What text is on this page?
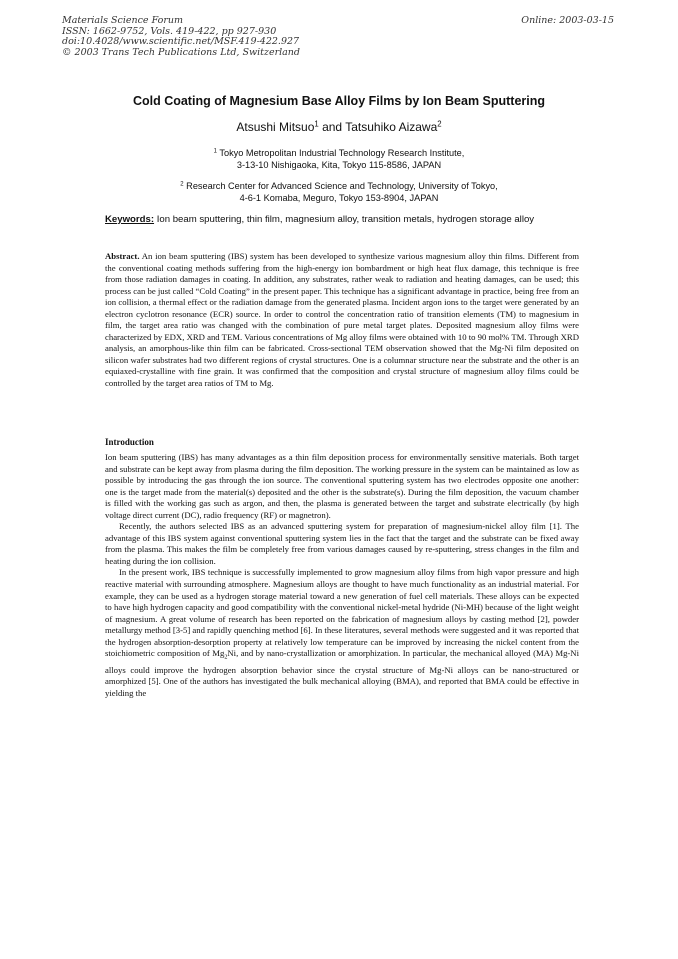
Materials Science Forum
ISSN: 1662-9752, Vols. 419-422, pp 927-930
doi:10.4028/www.scientific.net/MSF.419-422.927
© 2003 Trans Tech Publications Ltd, Switzerland
Online: 2003-03-15
Cold Coating of Magnesium Base Alloy Films by Ion Beam Sputtering
Atsushi Mitsuo$^1$ and Tatsuhiko Aizawa$^2$
$^1$ Tokyo Metropolitan Industrial Technology Research Institute,
3-13-10 Nishigaoka, Kita, Tokyo 115-8586, JAPAN
$^2$ Research Center for Advanced Science and Technology, University of Tokyo,
4-6-1 Komaba, Meguro, Tokyo 153-8904, JAPAN
Keywords: Ion beam sputtering, thin film, magnesium alloy, transition metals, hydrogen storage alloy
Abstract. An ion beam sputtering (IBS) system has been developed to synthesize various magnesium alloy thin films. Different from the conventional coating methods suffering from the high-energy ion bombardment or high heat flux damage, this technique is free from those radiation damages in coating. In addition, any substrates, rather weak to radiation and heating damages, can be used; this process can be just called “Cold Coating” in the present paper. This technique has a significant advantage in practice, being free from an ion collision, a thermal effect or the radiation damage from the generated plasma. Incident argon ions to the target were generated by an electron cyclotron resonance (ECR) source. In order to control the concentration ratio of transition elements (TM) to magnesium in film, the target area ratio was changed with the combination of pure metal target plates. Deposited magnesium alloy films were characterized by EDX, XRD and TEM. Various concentrations of Mg alloy films were obtained with 10 to 90 mol% TM. Through XRD analysis, an amorphous-like thin film can be fabricated. Cross-sectional TEM observation showed that the Mg-Ni film deposited on silicon wafer substrates had two different regions of crystal structures. One is a columnar structure near the substrate and the other is an equiaxed-crystalline with fine grain. It was confirmed that the composition and crystal structure of magnesium alloy films could be controlled by the target area ratios of TM to Mg.
Introduction

Ion beam sputtering (IBS) has many advantages as a thin film deposition process for environmentally sensitive materials. Both target and substrate can be kept away from plasma during the film deposition. The working pressure in the system can be maintained as low as possible by introducing the gas through the ion source. The conventional sputtering system has two electrodes opposite one another: one is the target made from the material(s) deposited and the other is the substrate(s). During the film deposition, the vacuum chamber is filled with the working gas such as argon, and then, the plasma is generated between the target and substrate electrically (by high voltage direct current (DC), radio frequency (RF) or magnetron).

Recently, the authors selected IBS as an advanced sputtering system for preparation of magnesium-nickel alloy film [1]. The advantage of this IBS system against conventional sputtering system lies in the fact that the target and the substrate can be fixed away from the plasma. This makes the film be completely free from various damages caused by re-sputtering, stress changes in the film and heating during the ion collision.

In the present work, IBS technique is successfully implemented to grow magnesium alloy films from high vapor pressure and high reactive material with surrounding atmosphere. Magnesium alloys are thought to have much functionality as an industrial material. For example, they can be used as a hydrogen storage material toward a new generation of fuel cell materials. These alloys can be expected to have high hydrogen capacity and good compatibility with the conventional nickel-metal hydride (Ni-MH) because of the light weight of magnesium. A great volume of research has been reported on the fabrication of magnesium alloys by casting method [2], powder metallurgy method [3-5] and rapidly quenching method [6]. In these literatures, several methods were suggested and it was reported that the hydrogen absorption-desorption property at relatively low temperature can be improved by increasing the nickel content from the stoichiometric composition of $Mg_2Ni$, and by nano-crystallization or amorphization. In particular, the mechanical alloyed (MA) Mg-Ni alloys could improve the hydrogen absorption behavior since the crystal structure of Mg-Ni alloys can be nano-structured or amorphized [5]. One of the authors has investigated the bulk mechanical alloying (BMA), and reported that BMA could be effective in yielding the
